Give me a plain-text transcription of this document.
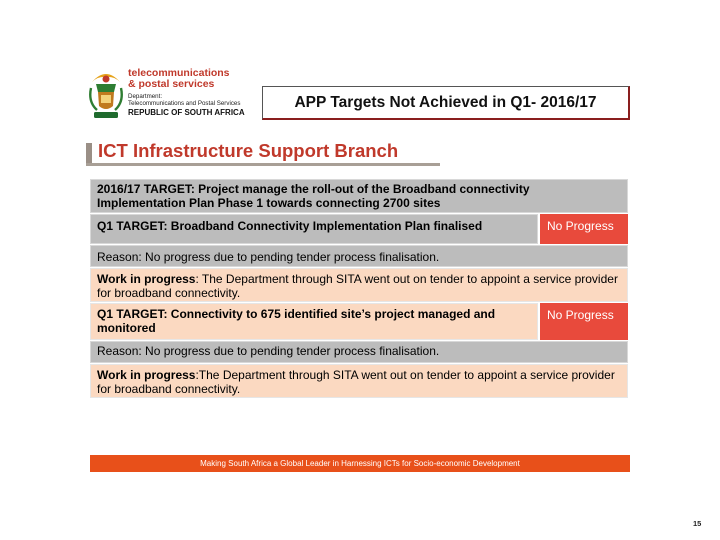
telecommunications
& postal services
Department:
Telecommunications and Postal Services
REPUBLIC OF SOUTH AFRICA
APP Targets Not Achieved in Q1- 2016/17
ICT Infrastructure Support Branch
2016/17 TARGET: Project manage the roll-out of the Broadband connectivity Implementation Plan Phase 1 towards connecting 2700 sites
Q1 TARGET: Broadband Connectivity Implementation Plan finalised	No Progress
Reason: No progress due to pending tender process finalisation.
Work in progress: The Department through SITA went out on tender to appoint a service provider for broadband connectivity.
Q1 TARGET: Connectivity to 675 identified site’s project managed and monitored
No Progress
Reason: No progress due to pending tender process finalisation.
Work in progress:The Department through SITA went out on tender to appoint a service provider for broadband connectivity.
Making South Africa a Global Leader in Harnessing ICTs for Socio-economic Development
15
